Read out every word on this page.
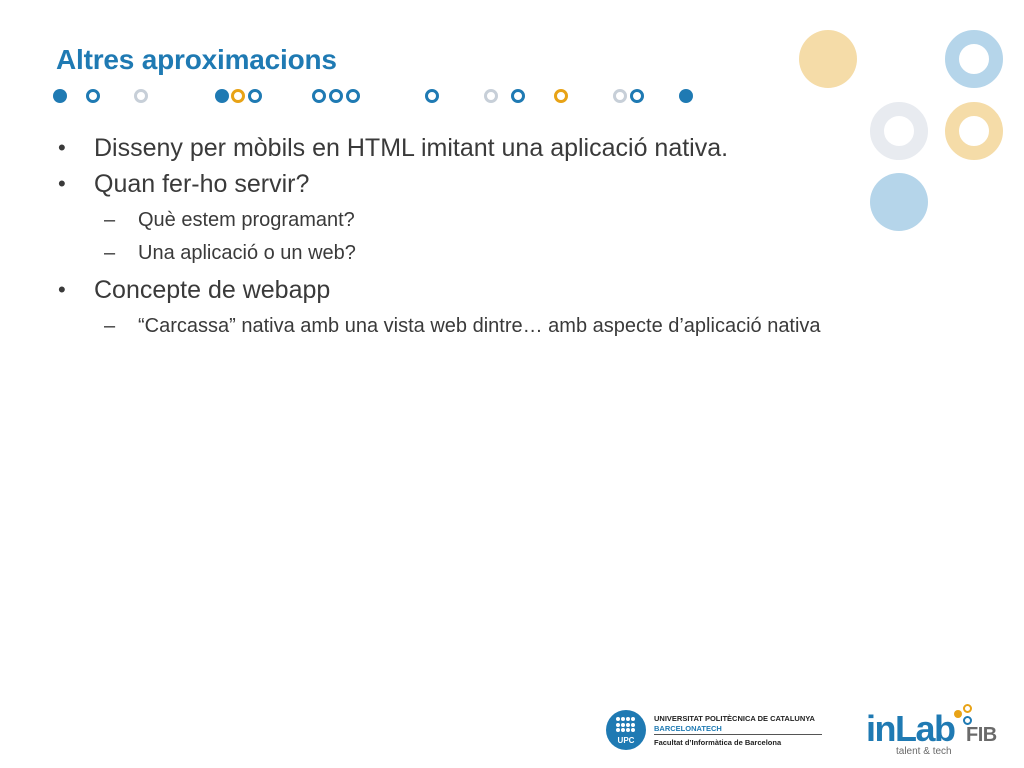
Altres aproximacions
• Disseny per mòbils en HTML imitant una aplicació nativa.
• Quan fer-ho servir?
– Què estem programant?
– Una aplicació o un web?
• Concepte de webapp
– “Carcassa” nativa amb una vista web dintre… amb aspecte d’aplicació nativa
UPC
UNIVERSITAT POLITÈCNICA DE CATALUNYA
BARCELONATECH
Facultat d’Informàtica de Barcelona inLab FIB
talent & tech
